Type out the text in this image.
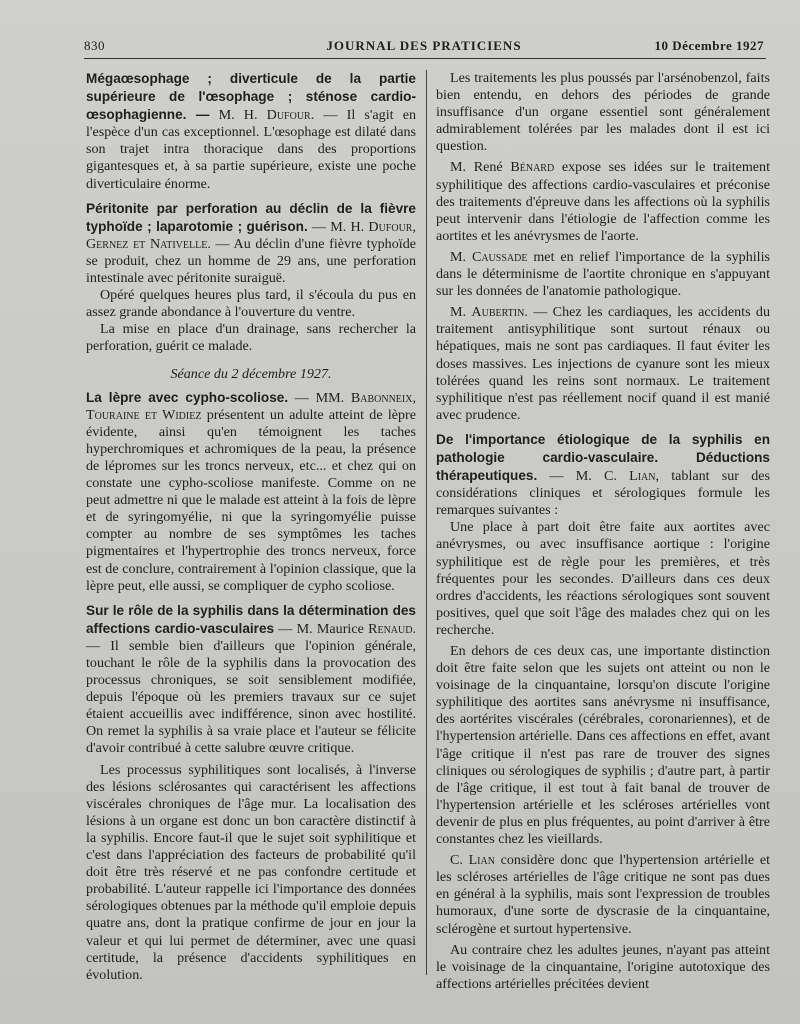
830	JOURNAL DES PRATICIENS	10 Décembre 1927

Mégaœsophage ; diverticule de la partie supérieure de l'œsophage ; sténose cardio-œsophagienne. — M. H. Dufour. — Il s'agit en l'espèce d'un cas exceptionnel. L'œsophage est dilaté dans son trajet intra thoracique dans des proportions gigantesques et, à sa partie supérieure, existe une poche diverticulaire énorme.

Péritonite par perforation au déclin de la fièvre typhoïde ; laparotomie ; guérison. — M. H. Dufour, Gernez et Nativelle. — Au déclin d'une fièvre typhoïde se produit, chez un homme de 29 ans, une perforation intestinale avec péritonite suraiguë.

Opéré quelques heures plus tard, il s'écoula du pus en assez grande abondance à l'ouverture du ventre.

La mise en place d'un drainage, sans rechercher la perforation, guérit ce malade.

Séance du 2 décembre 1927.

La lèpre avec cypho-scoliose. — MM. Babonneix, Touraine et Widiez présentent un adulte atteint de lèpre évidente, ainsi qu'en témoignent les taches hyperchromiques et achromiques de la peau, la présence de lépromes sur les troncs nerveux, etc... et chez qui on constate une cypho-scoliose manifeste. Comme on ne peut admettre ni que le malade est atteint à la fois de lèpre et de syringomyélie, ni que la syringomyélie puisse compter au nombre de ses symptômes les taches pigmentaires et l'hypertrophie des troncs nerveux, force est de conclure, contrairement à l'opinion classique, que la lèpre peut, elle aussi, se compliquer de cypho scoliose.

Sur le rôle de la syphilis dans la détermination des affections cardio-vasculaires — M. Maurice Renaud. — Il semble bien d'ailleurs que l'opinion générale, touchant le rôle de la syphilis dans la provocation des processus chroniques, se soit sensiblement modifiée, depuis l'époque où les premiers travaux sur ce sujet étaient accueillis avec indifférence, sinon avec hostilité. On remet la syphilis à sa vraie place et l'auteur se félicite d'avoir contribué à cette salubre œuvre critique.

Les processus syphilitiques sont localisés, à l'inverse des lésions sclérosantes qui caractérisent les affections viscérales chroniques de l'âge mur. La localisation des lésions à un organe est donc un bon caractère distinctif à la syphilis. Encore faut-il que le sujet soit syphilitique et c'est dans l'appréciation des facteurs de probabilité qu'il doit être très réservé et ne pas confondre certitude et probabilité. L'auteur rappelle ici l'importance des données sérologiques obtenues par la méthode qu'il emploie depuis quatre ans, dont la pratique confirme de jour en jour la valeur et qui lui permet de déterminer, avec une quasi certitude, la présence d'accidents syphilitiques en évolution.

Les traitements les plus poussés par l'arsénobenzol, faits bien entendu, en dehors des périodes de grande insuffisance d'un organe essentiel sont généralement admirablement tolérées par les malades dont il est ici question.

M. René Bénard expose ses idées sur le traitement syphilitique des affections cardio-vasculaires et préconise des traitements d'épreuve dans les affections où la syphilis peut intervenir dans l'étiologie de l'affection comme les aortites et les anévrysmes de l'aorte.

M. Caussade met en relief l'importance de la syphilis dans le déterminisme de l'aortite chronique en s'appuyant sur les données de l'anatomie pathologique.

M. Aubertin. — Chez les cardiaques, les accidents du traitement antisyphilitique sont surtout rénaux ou hépatiques, mais ne sont pas cardiaques. Il faut éviter les doses massives. Les injections de cyanure sont les mieux tolérées quand les reins sont normaux. Le traitement syphilitique n'est pas réellement nocif quand il est manié avec prudence.

De l'importance étiologique de la syphilis en pathologie cardio-vasculaire. Déductions thérapeutiques. — M. C. Lian, tablant sur des considérations cliniques et sérologiques formule les remarques suivantes :

Une place à part doit être faite aux aortites avec anévrysmes, ou avec insuffisance aortique : l'origine syphilitique est de règle pour les premières, et très fréquentes pour les secondes. D'ailleurs dans ces deux ordres d'accidents, les réactions sérologiques sont souvent positives, quel que soit l'âge des malades chez qui on les recherche.

En dehors de ces deux cas, une importante distinction doit être faite selon que les sujets ont atteint ou non le voisinage de la cinquantaine, lorsqu'on discute l'origine syphilitique des aortites sans anévrysme ni insuffisance, des aortérites viscérales (cérébrales, coronariennes), et de l'hypertension artérielle. Dans ces affections en effet, avant l'âge critique il n'est pas rare de trouver des signes cliniques ou sérologiques de syphilis ; d'autre part, à partir de l'âge critique, il est tout à fait banal de trouver de l'hypertension artérielle et les scléroses artérielles vont devenir de plus en plus fréquentes, au point d'arriver à être constantes chez les vieillards.

C. Lian considère donc que l'hypertension artérielle et les scléroses artérielles de l'âge critique ne sont pas dues en général à la syphilis, mais sont l'expression de troubles humoraux, d'une sorte de dyscrasie de la cinquantaine, sclérogène et surtout hypertensive.

Au contraire chez les adultes jeunes, n'ayant pas atteint le voisinage de la cinquantaine, l'origine autotoxique des affections artérielles précitées devient
